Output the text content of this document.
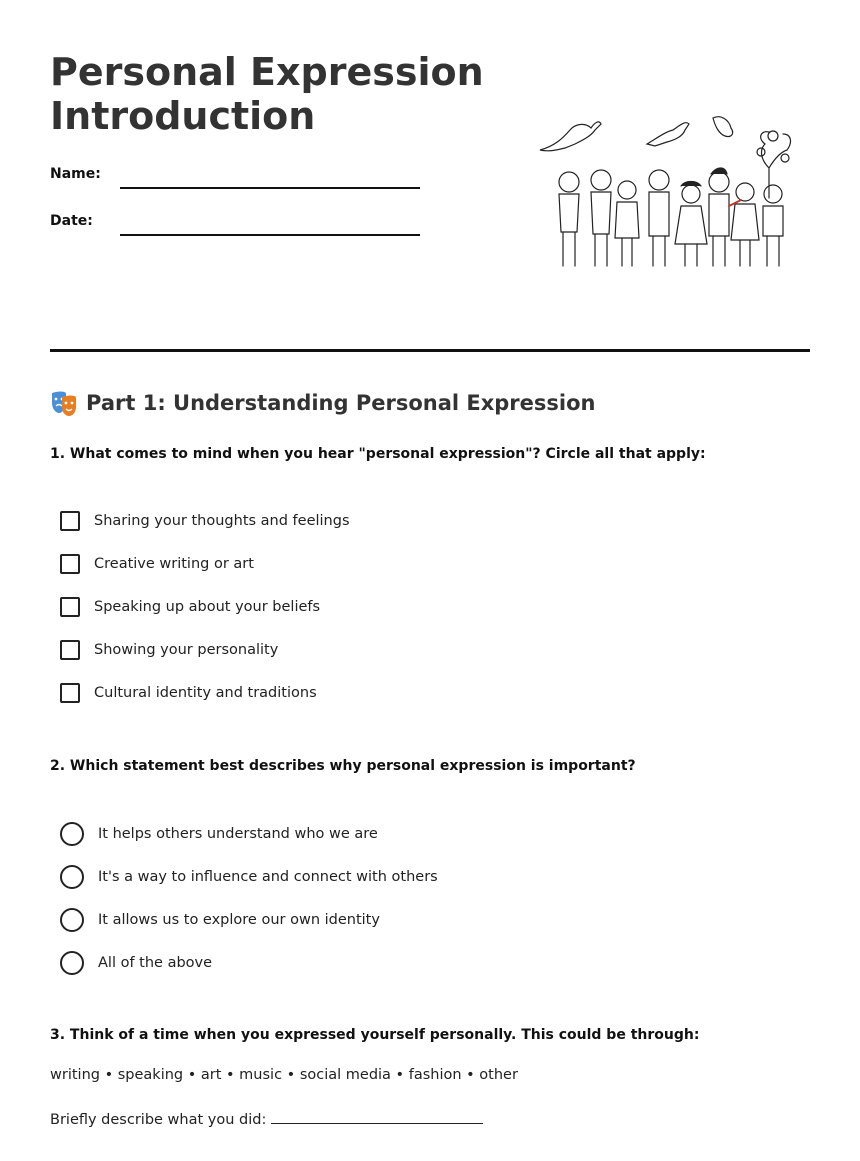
Personal Expression
Introduction
Name:
Date:
Part 1: Understanding Personal Expression

1. What comes to mind when you hear "personal expression"? Circle all that apply:

Sharing your thoughts and feelings
Creative writing or art
Speaking up about your beliefs
Showing your personality
Cultural identity and traditions

2. Which statement best describes why personal expression is important?

It helps others understand who we are
It's a way to influence and connect with others
It allows us to explore our own identity
All of the above

3. Think of a time when you expressed yourself personally. This could be through:

writing • speaking • art • music • social media • fashion • other
Briefly describe what you did:
